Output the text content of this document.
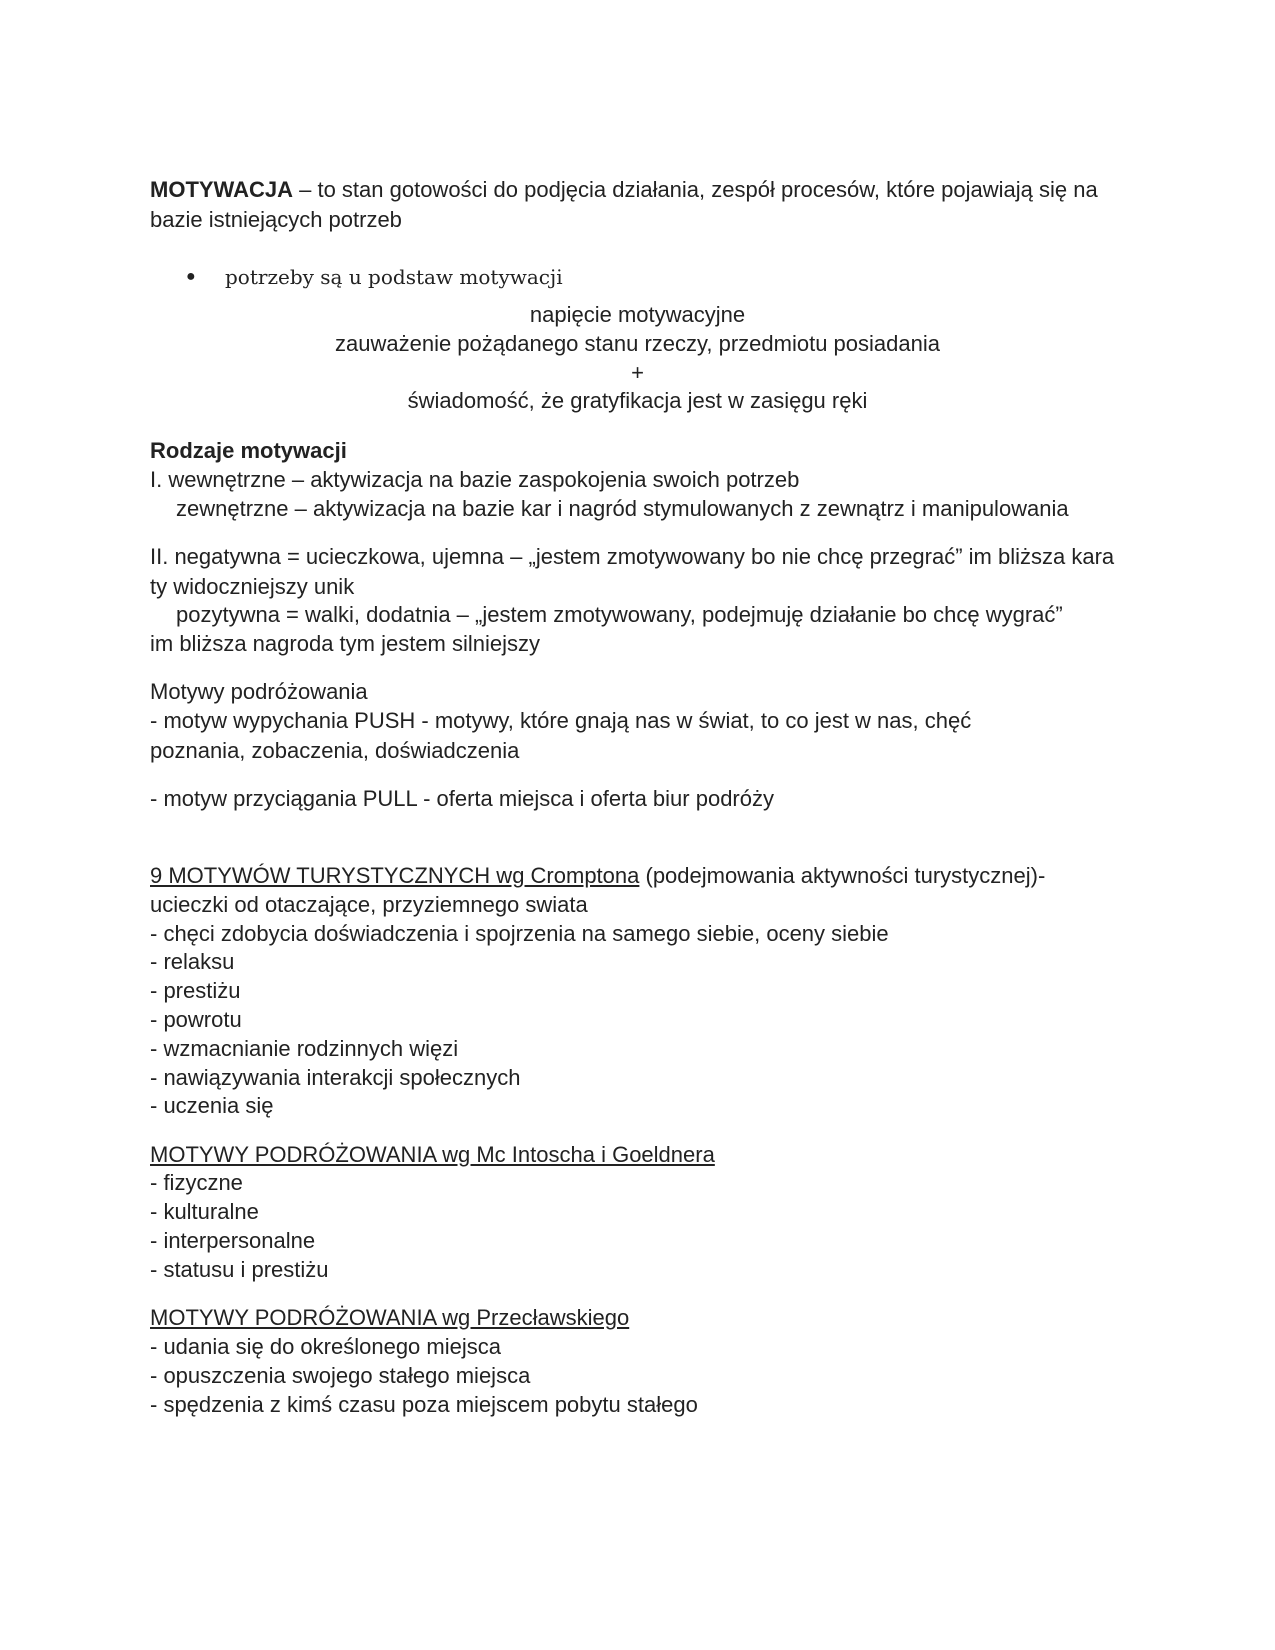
MOTYWACJA – to stan gotowości do podjęcia działania, zespół procesów, które pojawiają się na bazie istniejących potrzeb
● potrzeby są u podstaw motywacji
napięcie motywacyjne
zauważenie pożądanego stanu rzeczy, przedmiotu posiadania
+
świadomość, że gratyfikacja jest w zasięgu ręki
Rodzaje motywacji
I. wewnętrzne – aktywizacja na bazie zaspokojenia swoich potrzeb
zewnętrzne – aktywizacja na bazie kar i nagród stymulowanych z zewnątrz i manipulowania
II. negatywna = ucieczkowa, ujemna – „jestem zmotywowany bo nie chcę przegrać” im bliższa kara ty widoczniejszy unik
pozytywna = walki, dodatnia – „jestem zmotywowany, podejmuję działanie bo chcę wygrać”
im bliższa nagroda tym jestem silniejszy
Motywy podróżowania
- motyw wypychania PUSH - motywy, które gnają nas w świat, to co jest w nas, chęć poznania, zobaczenia, doświadczenia
- motyw przyciągania PULL - oferta miejsca i oferta biur podróży
9 MOTYWÓW TURYSTYCZNYCH wg Cromptona (podejmowania aktywności turystycznej)-
ucieczki od otaczające, przyziemnego swiata
- chęci zdobycia doświadczenia i spojrzenia na samego siebie, oceny siebie
- relaksu
- prestiżu
- powrotu
- wzmacnianie rodzinnych więzi
- nawiązywania interakcji społecznych
- uczenia się
MOTYWY PODRÓŻOWANIA wg Mc Intoscha i Goeldnera
- fizyczne
- kulturalne
- interpersonalne
- statusu i prestiżu
MOTYWY PODRÓŻOWANIA wg Przecławskiego
- udania się do określonego miejsca
- opuszczenia swojego stałego miejsca
- spędzenia z kimś czasu poza miejscem pobytu stałego
